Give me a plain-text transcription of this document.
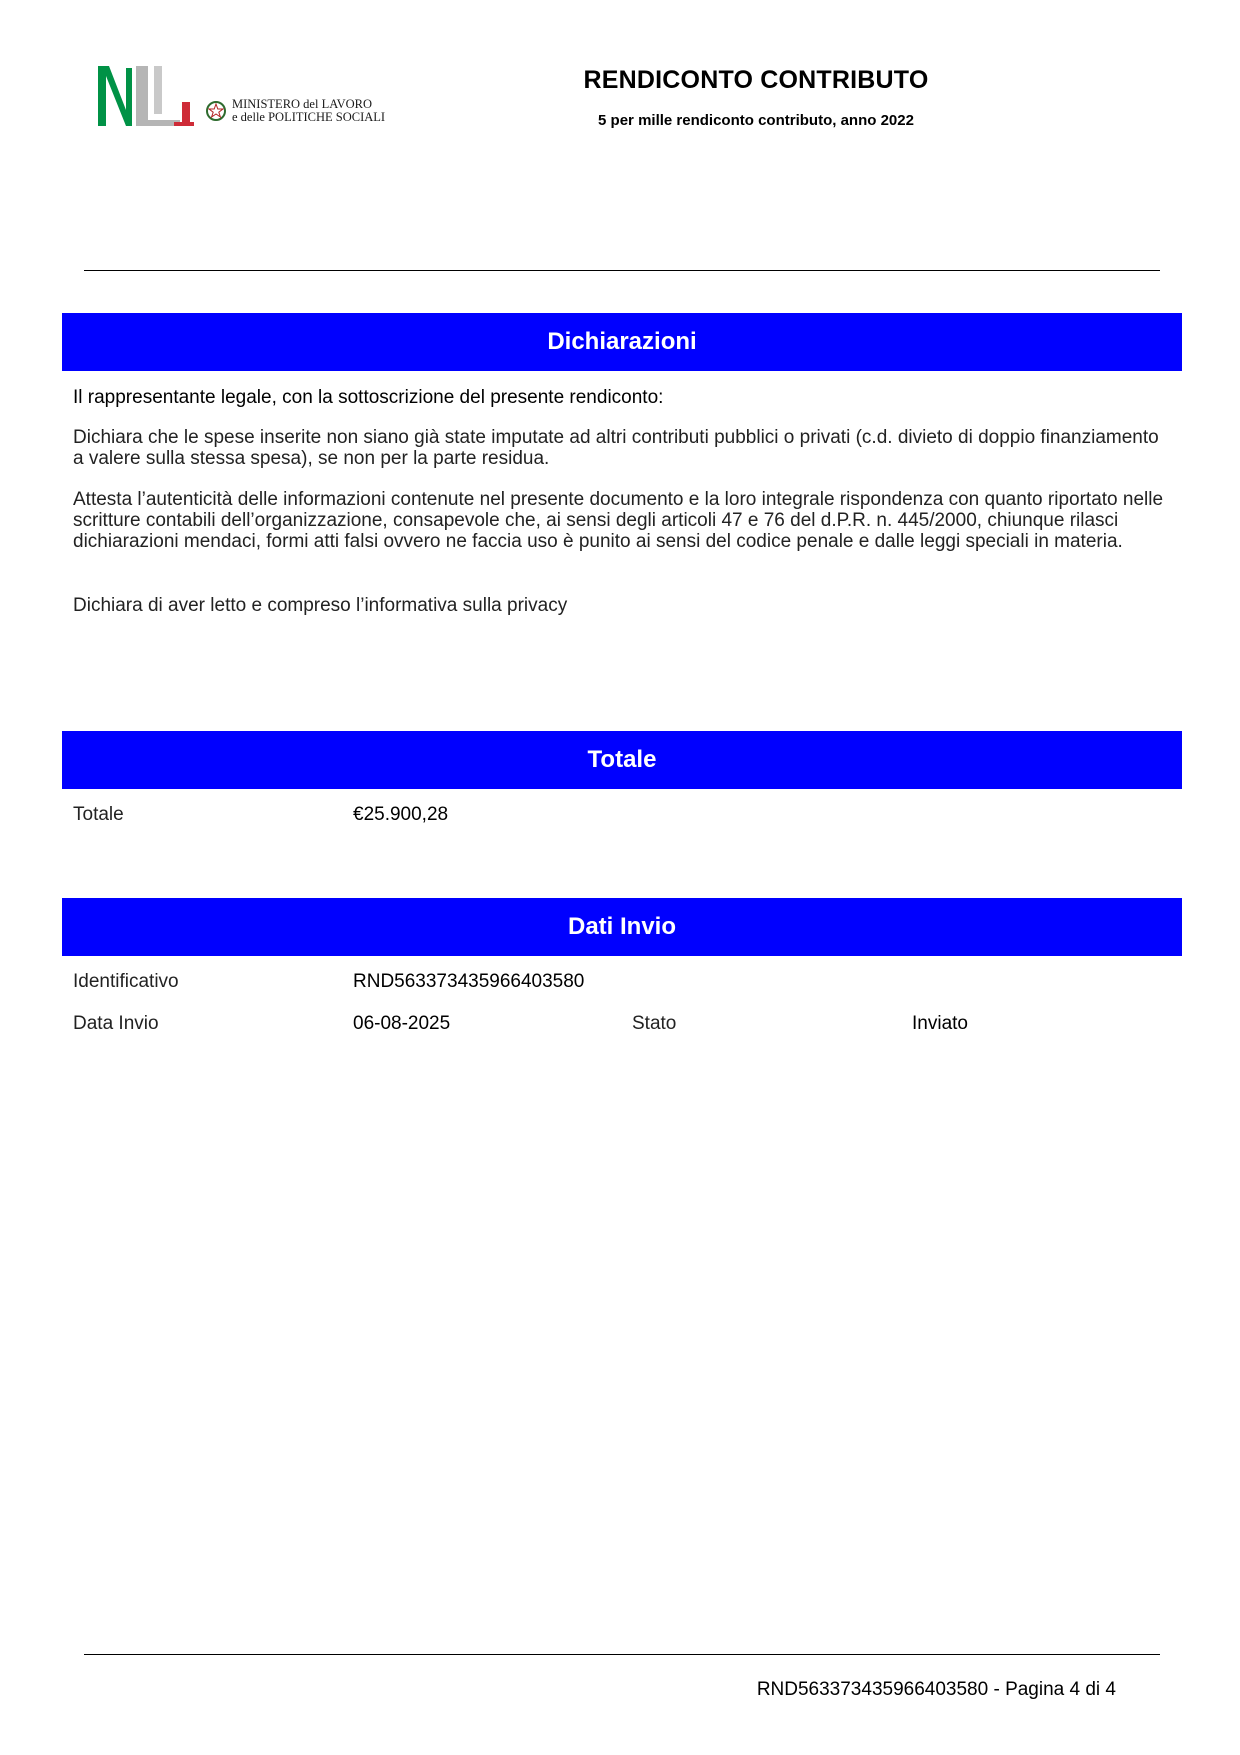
MINISTERO del LAVORO
e delle POLITICHE SOCIALI
RENDICONTO CONTRIBUTO
5 per mille rendiconto contributo, anno 2022
Dichiarazioni
Il rappresentante legale, con la sottoscrizione del presente rendiconto:
Dichiara che le spese inserite non siano già state imputate ad altri contributi pubblici o privati (c.d. divieto di doppio finanziamento a valere sulla stessa spesa), se non per la parte residua.
Attesta l’autenticità delle informazioni contenute nel presente documento e la loro integrale rispondenza con quanto riportato nelle scritture contabili dell’organizzazione, consapevole che, ai sensi degli articoli 47 e 76 del d.P.R. n. 445/2000, chiunque rilasci dichiarazioni mendaci, formi atti falsi ovvero ne faccia uso è punito ai sensi del codice penale e dalle leggi speciali in materia.
Dichiara di aver letto e compreso l’informativa sulla privacy
Totale
Totale	€25.900,28
Dati Invio
Identificativo	RND563373435966403580
Data Invio	06-08-2025	Stato	Inviato
RND563373435966403580 - Pagina 4 di 4
